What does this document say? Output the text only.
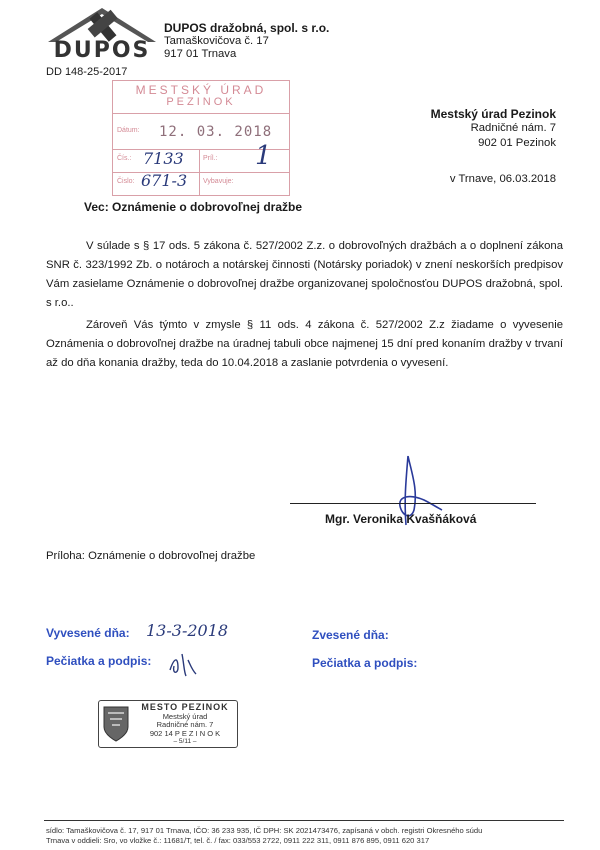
DUPOS
DUPOS dražobná, spol. s r.o.
Tamaškovičova č. 17
917 01 Trnava
DD 148-25-2017
MESTSKÝ ÚRAD
PEZINOK
Dátum: 12. 03. 2018
Čís.: 7133	Príl.: 1
Čislo: 671-3 Vybavuje:
Mestský úrad Pezinok
Radničné nám. 7
902 01 Pezinok
v Trnave, 06.03.2018
Vec: Oznámenie o dobrovoľnej dražbe
V súlade s § 17 ods. 5 zákona č. 527/2002 Z.z. o dobrovoľných dražbách a o doplnení zákona SNR č. 323/1992 Zb. o notároch a notárskej činnosti (Notársky poriadok) v znení neskorších predpisov Vám zasielame Oznámenie o dobrovoľnej dražbe organizovanej spoločnosťou DUPOS dražobná, spol. s r.o..
Zároveň Vás týmto v zmysle § 11 ods. 4 zákona č. 527/2002 Z.z žiadame o vyvesenie Oznámenia o dobrovoľnej dražbe na úradnej tabuli obce najmenej 15 dní pred konaním dražby v trvaní až do dňa konania dražby, teda do 10.04.2018 a zaslanie potvrdenia o vyvesení.
Mgr. Veronika Kvašňáková
Príloha: Oznámenie o dobrovoľnej dražbe
Vyvesené dňa: 13-3-2018	Zvesené dňa:
Pečiatka a podpis:	Pečiatka a podpis:
MESTO PEZINOK
Mestský úrad
Radničné nám. 7
902 14 P E Z I N O K
– 5/11 –
sídlo: Tamaškovičova č. 17, 917 01 Trnava, IČO: 36 233 935, IČ DPH: SK 2021473476, zapísaná v obch. registri Okresného súdu
Trnava v oddieli: Sro, vo vložke č.: 11681/T, tel. č. / fax: 033/553 2722, 0911 222 311, 0911 876 895, 0911 620 317
